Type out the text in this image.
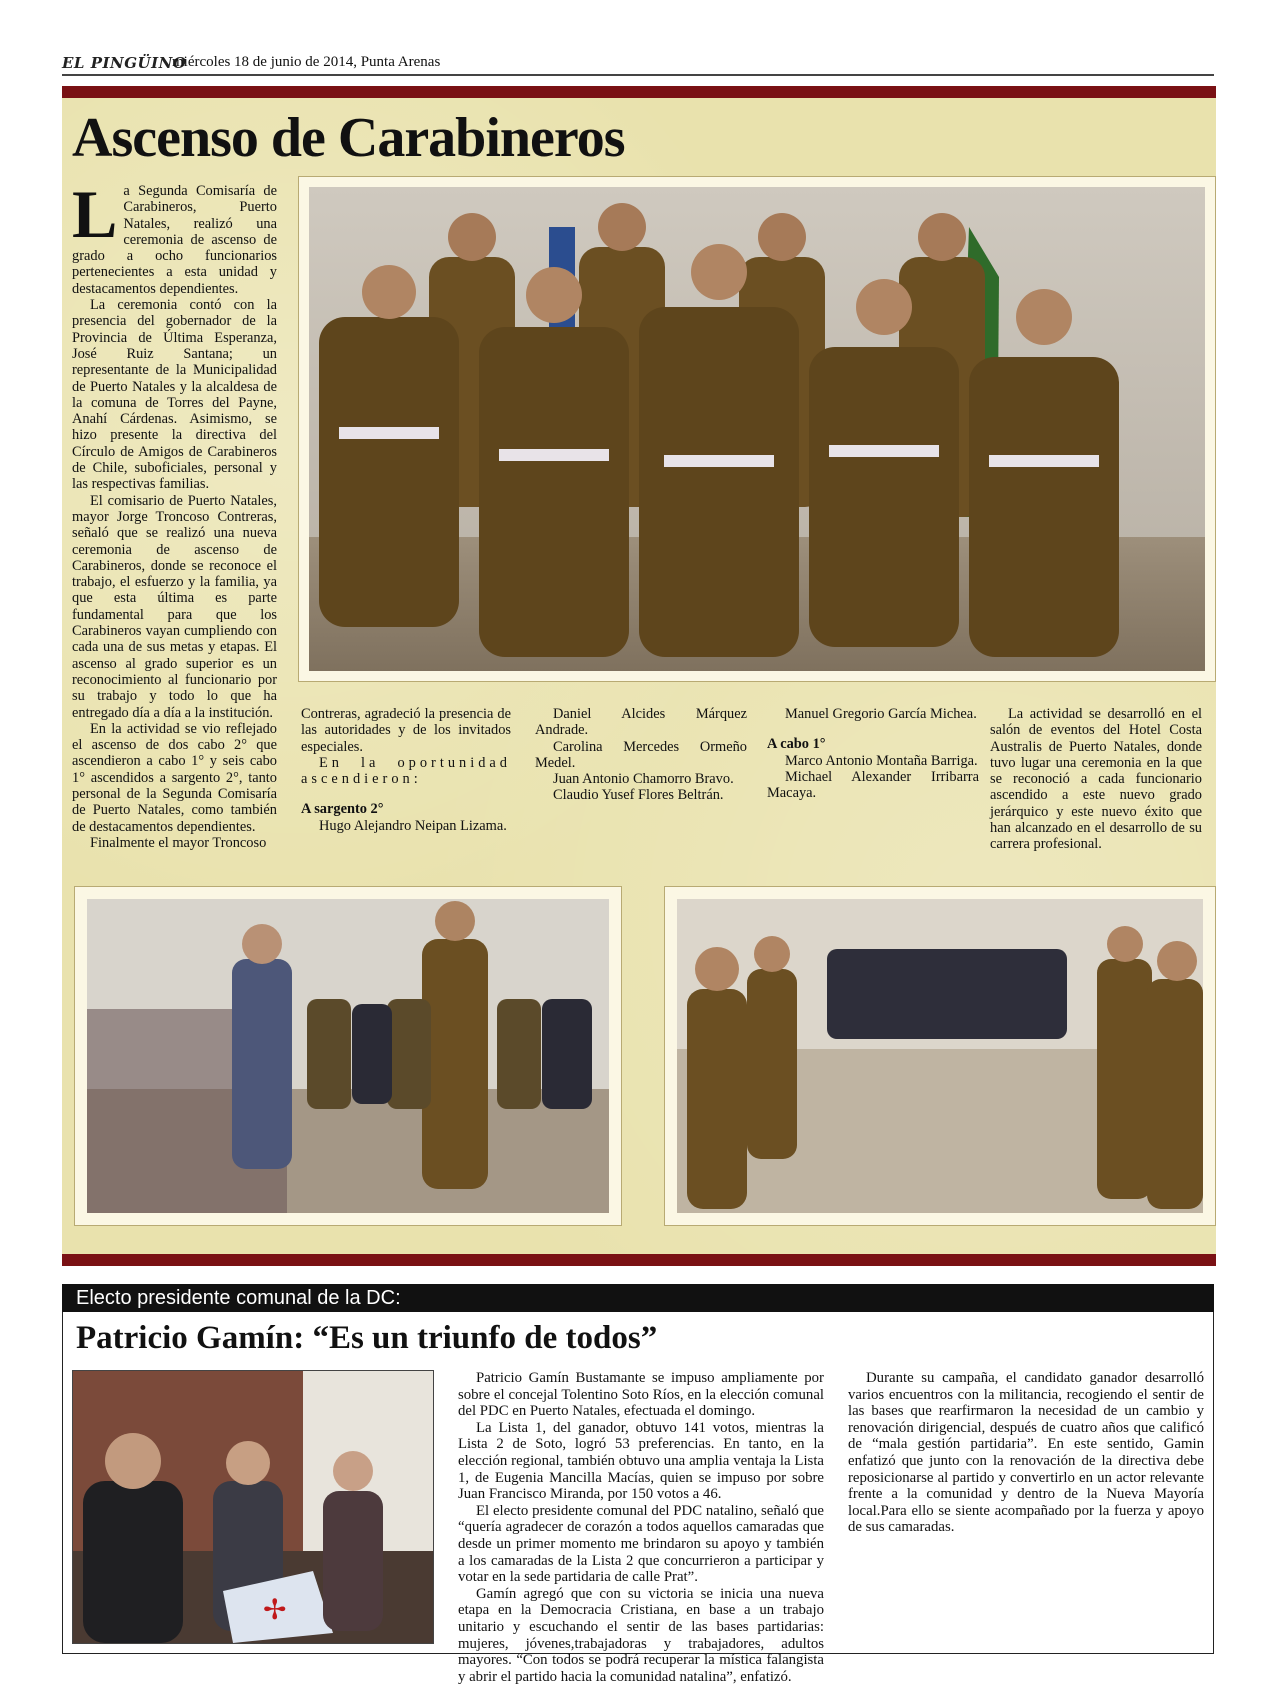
EL PINGÜINO
miércoles 18 de junio de 2014, Punta Arenas
Ascenso de Carabineros

La Segunda Comisaría de Carabineros, Puerto Natales, realizó una ceremonia de ascenso de grado a ocho funcionarios pertenecientes a esta unidad y destacamentos dependientes.

La ceremonia contó con la presencia del gobernador de la Provincia de Última Esperanza, José Ruiz Santana; un representante de la Municipalidad de Puerto Natales y la alcaldesa de la comuna de Torres del Payne, Anahí Cárdenas. Asimismo, se hizo presente la directiva del Círculo de Amigos de Carabineros de Chile, suboficiales, personal y las respectivas familias.

El comisario de Puerto Natales, mayor Jorge Troncoso Contreras, señaló que se realizó una nueva ceremonia de ascenso de Carabineros, donde se reconoce el trabajo, el esfuerzo y la familia, ya que esta última es parte fundamental para que los Carabineros vayan cumpliendo con cada una de sus metas y etapas. El ascenso al grado superior es un reconocimiento al funcionario por su trabajo y todo lo que ha entregado día a día a la institución.

En la actividad se vio reflejado el ascenso de dos cabo 2° que ascendieron a cabo 1° y seis cabo 1° ascendidos a sargento 2°, tanto personal de la Segunda Comisaría de Puerto Natales, como también de destacamentos dependientes.

Finalmente el mayor Troncoso

Contreras, agradeció la presencia de las autoridades y de los invitados especiales.

En la oportunidad ascendieron:

A sargento 2°

Hugo Alejandro Neipan Lizama.

Daniel Alcides Márquez Andrade.

Carolina Mercedes Ormeño Medel.

Juan Antonio Chamorro Bravo.

Claudio Yusef Flores Beltrán.

Manuel Gregorio García Michea.

A cabo 1°

Marco Antonio Montaña Barriga.

Michael Alexander Irribarra Macaya.

La actividad se desarrolló en el salón de eventos del Hotel Costa Australis de Puerto Natales, donde tuvo lugar una ceremonia en la que se reconoció a cada funcionario ascendido a este nuevo grado jerárquico y este nuevo éxito que han alcanzado en el desarrollo de su carrera profesional.

Electo presidente comunal de la DC:
Patricio Gamín: “Es un triunfo de todos”
✢

Patricio Gamín Bustamante se impuso ampliamente por sobre el concejal Tolentino Soto Ríos, en la elección comunal del PDC en Puerto Natales, efectuada el domingo.

La Lista 1, del ganador, obtuvo 141 votos, mientras la Lista 2 de Soto, logró 53 preferencias. En tanto, en la elección regional, también obtuvo una amplia ventaja la Lista 1, de Eugenia Mancilla Macías, quien se impuso por sobre Juan Francisco Miranda, por 150 votos a 46.

El electo presidente comunal del PDC natalino, señaló que “quería agradecer de corazón a todos aquellos camaradas que desde un primer momento me brindaron su apoyo y también a los camaradas de la Lista 2 que concurrieron a participar y votar en la sede partidaria de calle Prat”.

Gamín agregó que con su victoria se inicia una nueva etapa en la Democracia Cristiana, en base a un trabajo unitario y escuchando el sentir de las bases partidarias: mujeres, jóvenes,trabajadoras y trabajadores, adultos mayores. “Con todos se podrá recuperar la mística falangista y abrir el partido hacia la comunidad natalina”, enfatizó.

Durante su campaña, el candidato ganador desarrolló varios encuentros con la militancia, recogiendo el sentir de las bases que rearfirmaron la necesidad de un cambio y renovación dirigencial, después de cuatro años que calificó de “mala gestión partidaria”. En este sentido, Gamin enfatizó que junto con la renovación de la directiva debe reposicionarse al partido y convertirlo en un actor relevante frente a la comunidad y dentro de la Nueva Mayoría local.Para ello se siente acompañado por la fuerza y apoyo de sus camaradas.
